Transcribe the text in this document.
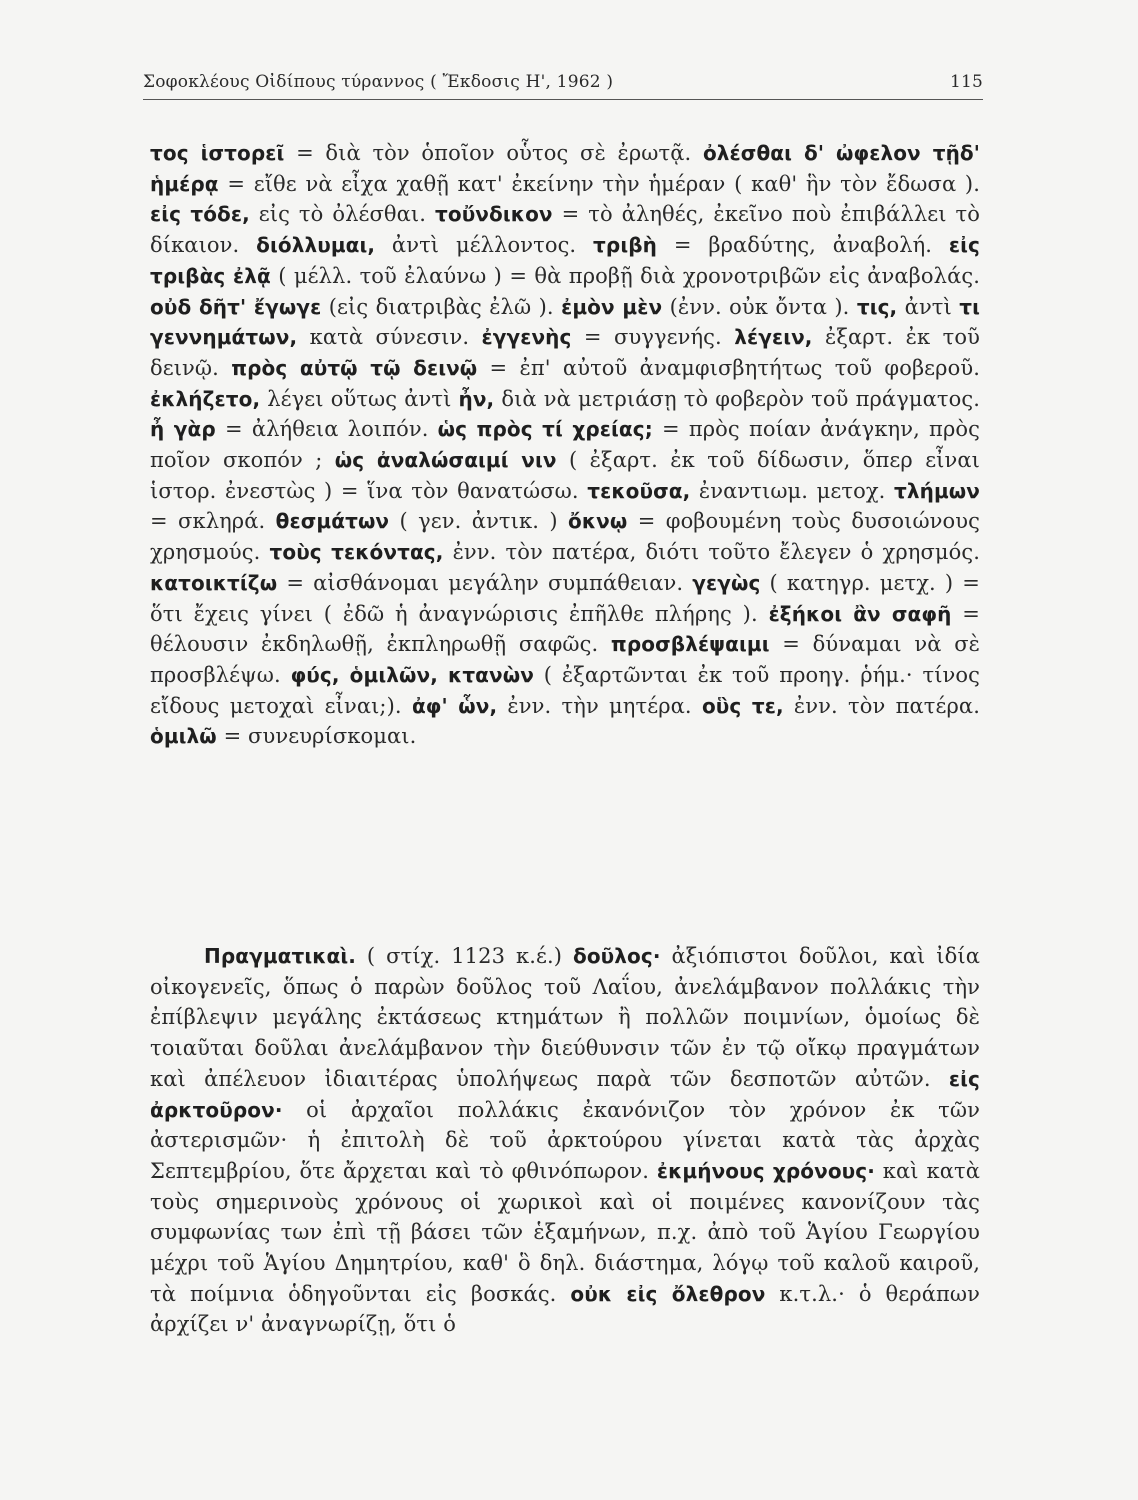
Σοφοκλέους Οἰδίπους τύραννος ( Ἔκδοσις Η', 1962 )	115

τος ἱστορεῖ = διὰ τὸν ὁποῖον οὗτος σὲ ἐρωτᾷ. ὀλέσθαι δ' ὠφελον τῇδ' ἡμέρᾳ = εἴθε νὰ εἶχα χαθῇ κατ' ἐκείνην τὴν ἡμέραν ( καθ' ἣν τὸν ἔδωσα ). εἰς τόδε, εἰς τὸ ὀλέσθαι. τοὔνδικον = τὸ ἀληθές, ἐκεῖνο ποὺ ἐπιβάλλει τὸ δίκαιον. διόλλυμαι, ἀντὶ μέλλοντος. τριβὴ = βραδύτης, ἀναβολή. εἰς τριβὰς ἐλᾷ ( μέλλ. τοῦ ἐλαύνω ) = θὰ προβῇ διὰ χρονοτριβῶν εἰς ἀναβολάς. οὐδ δῆτ' ἔγωγε (εἰς διατριβὰς ἐλῶ ). ἐμὸν μὲν (ἐνν. οὐκ ὄντα ). τις, ἀντὶ τι γεννημάτων, κατὰ σύνεσιν. ἐγγενὴς = συγγενής. λέγειν, ἐξαρτ. ἐκ τοῦ δεινῷ. πρὸς αὐτῷ τῷ δεινῷ = ἐπ' αὐτοῦ ἀναμφισβητήτως τοῦ φοβεροῦ. ἐκλήζετο, λέγει οὕτως ἀντὶ ἦν, διὰ νὰ μετριάσῃ τὸ φοβερὸν τοῦ πράγματος. ἦ γὰρ = ἀλήθεια λοιπόν. ὡς πρὸς τί χρείας; = πρὸς ποίαν ἀνάγκην, πρὸς ποῖον σκοπόν ; ὡς ἀναλώσαιμί νιν ( ἐξαρτ. ἐκ τοῦ δίδωσιν, ὅπερ εἶναι ἱστορ. ἐνεστὼς ) = ἵνα τὸν θανατώσω. τεκοῦσα, ἐναντιωμ. μετοχ. τλήμων = σκληρά. θεσμάτων ( γεν. ἀντικ. ) ὄκνῳ = φοβουμένη τοὺς δυσοιώνους χρησμούς. τοὺς τεκόντας, ἐνν. τὸν πατέρα, διότι τοῦτο ἔλεγεν ὁ χρησμός. κατοικτίζω = αἰσθάνομαι μεγάλην συμπάθειαν. γεγὼς ( κατηγρ. μετχ. ) = ὅτι ἔχεις γίνει ( ἐδῶ ἡ ἀναγνώρισις ἐπῆλθε πλήρης ). ἐξήκοι ἂν σαφῆ = θέλουσιν ἐκδηλωθῇ, ἐκπληρωθῇ σαφῶς. προσβλέψαιμι = δύναμαι νὰ σὲ προσβλέψω. φύς, ὁμιλῶν, κτανὼν ( ἐξαρτῶνται ἐκ τοῦ προηγ. ῥήμ.· τίνος εἴδους μετοχαὶ εἶναι;). ἀφ' ὧν, ἐνν. τὴν μητέρα. οὓς τε, ἐνν. τὸν πατέρα. ὁμιλῶ = συνευρίσκομαι.

Πραγματικαὶ. ( στίχ. 1123 κ.έ.) δοῦλος· ἀξιόπιστοι δοῦλοι, καὶ ἰδία οἰκογενεῖς, ὅπως ὁ παρὼν δοῦλος τοῦ Λαΐου, ἀνελάμβανον πολλάκις τὴν ἐπίβλεψιν μεγάλης ἐκτάσεως κτημάτων ἢ πολλῶν ποιμνίων, ὁμοίως δὲ τοιαῦται δοῦλαι ἀνελάμβανον τὴν διεύθυνσιν τῶν ἐν τῷ οἴκῳ πραγμάτων καὶ ἀπέλευον ἰδιαιτέρας ὑπολήψεως παρὰ τῶν δεσποτῶν αὐτῶν. εἰς ἀρκτοῦρον· οἱ ἀρχαῖοι πολλάκις ἐκανόνιζον τὸν χρόνον ἐκ τῶν ἀστερισμῶν· ἡ ἐπιτολὴ δὲ τοῦ ἀρκτούρου γίνεται κατὰ τὰς ἀρχὰς Σεπτεμβρίου, ὅτε ἄρχεται καὶ τὸ φθινόπωρον. ἐκμήνους χρόνους· καὶ κατὰ τοὺς σημερινοὺς χρόνους οἱ χωρικοὶ καὶ οἱ ποιμένες κανονίζουν τὰς συμφωνίας των ἐπὶ τῇ βάσει τῶν ἑξαμήνων, π.χ. ἀπὸ τοῦ Ἁγίου Γεωργίου μέχρι τοῦ Ἁγίου Δημητρίου, καθ' ὃ δηλ. διάστημα, λόγῳ τοῦ καλοῦ καιροῦ, τὰ ποίμνια ὁδηγοῦνται εἰς βοσκάς. οὐκ εἰς ὄλεθρον κ.τ.λ.· ὁ θεράπων ἀρχίζει ν' ἀναγνωρίζῃ, ὅτι ὁ
